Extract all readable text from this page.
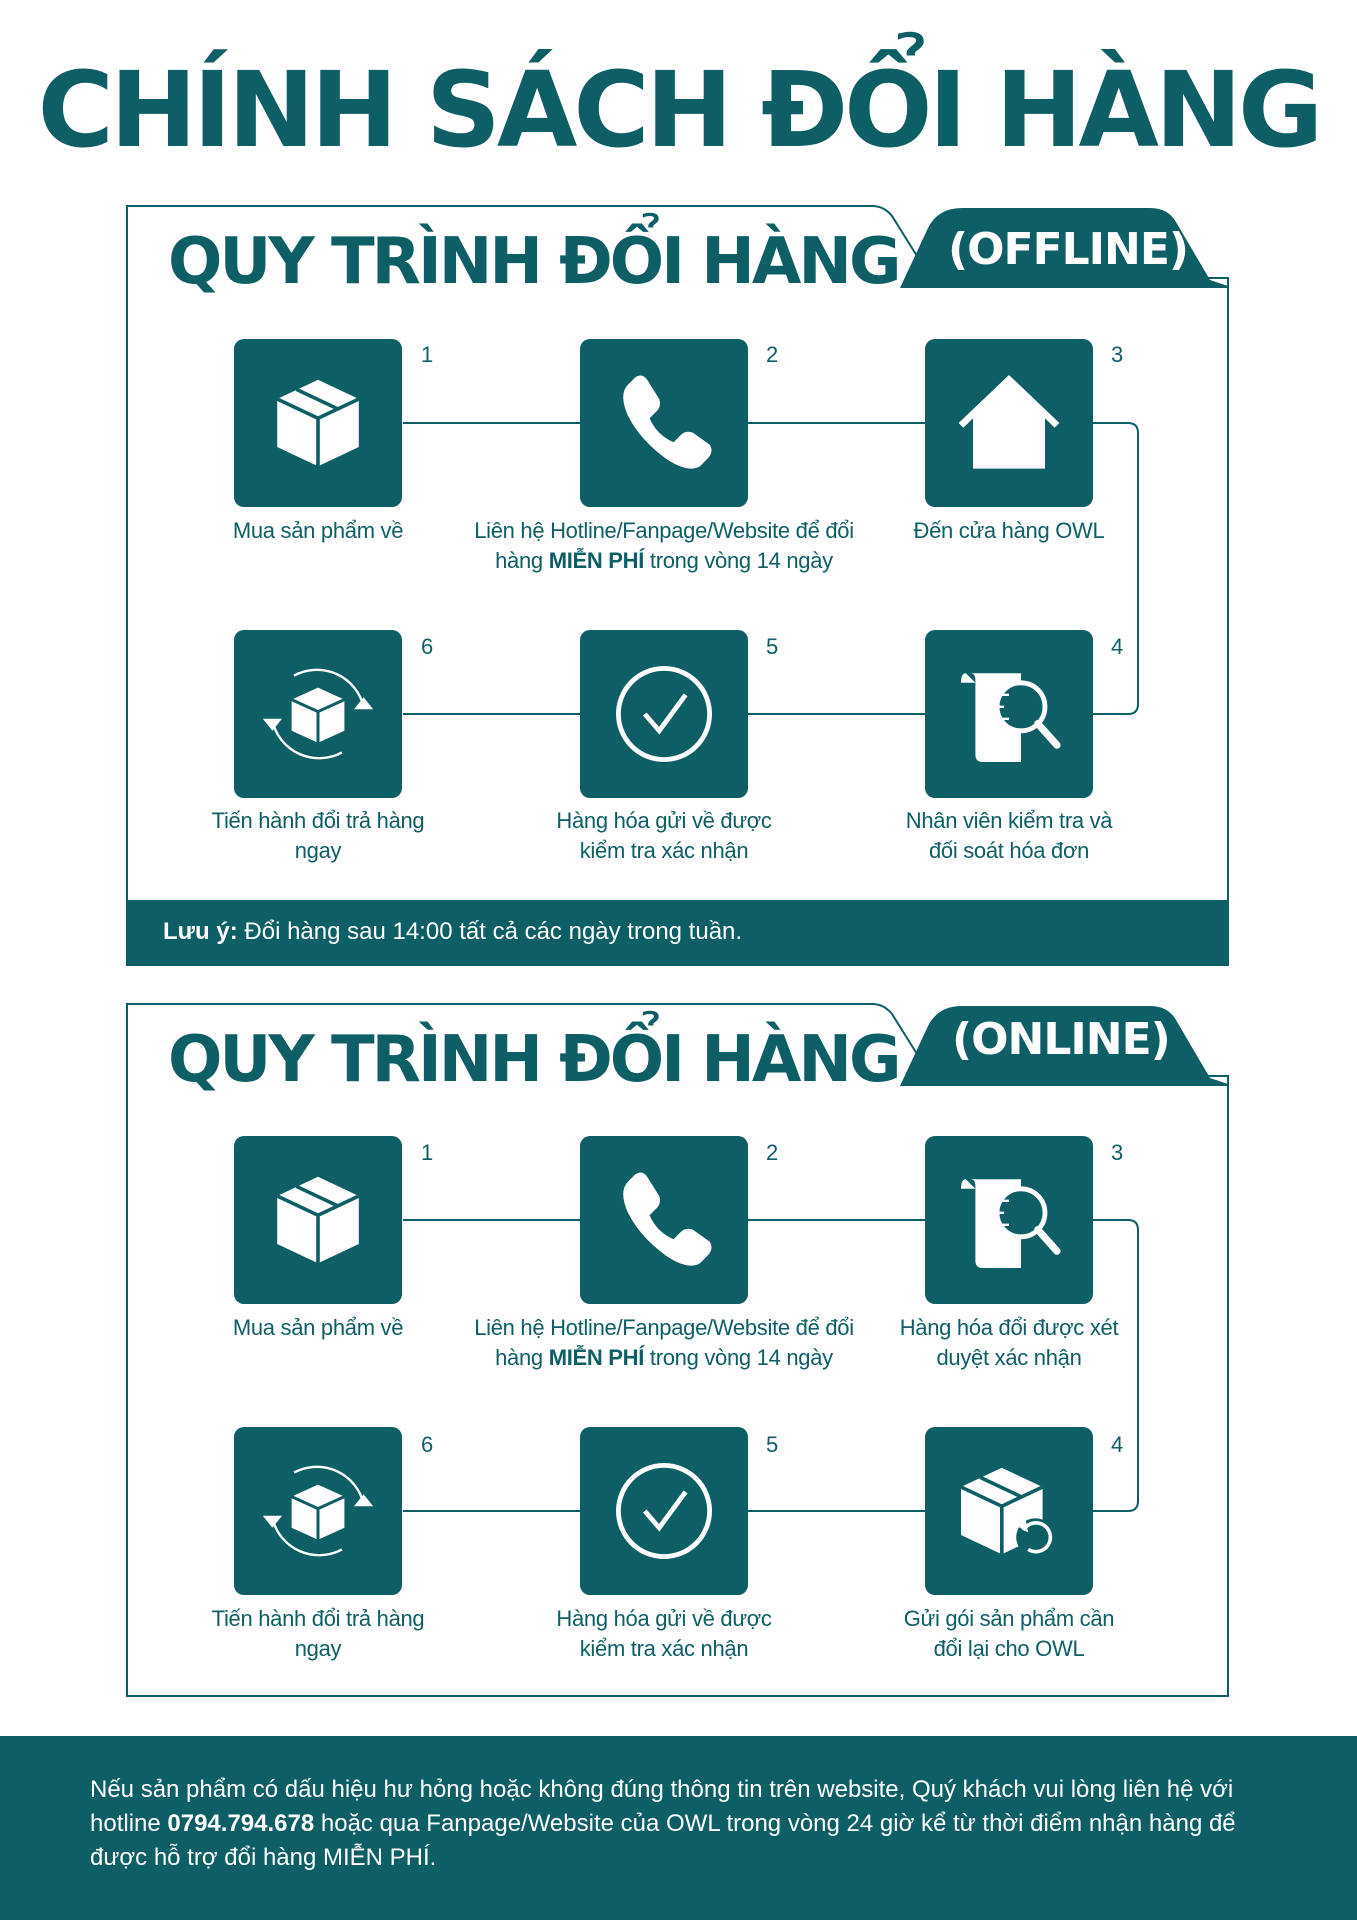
CHÍNH SÁCH ĐỔI HÀNG
QUY TRÌNH ĐỔI HÀNG (OFFLINE)
1
Mua sản phẩm về
2
Liên hệ Hotline/Fanpage/Website để đổi hàng MIỄN PHÍ trong vòng 14 ngày
3
Đến cửa hàng OWL
4
Nhân viên kiểm tra và đối soát hóa đơn
5
Hàng hóa gửi về được kiểm tra xác nhận
6
Tiến hành đổi trả hàng ngay
Lưu ý: Đổi hàng sau 14:00 tất cả các ngày trong tuần.
QUY TRÌNH ĐỔI HÀNG (ONLINE)
1
Mua sản phẩm về
2
Liên hệ Hotline/Fanpage/Website để đổi hàng MIỄN PHÍ trong vòng 14 ngày
3
Hàng hóa đổi được xét duyệt xác nhận
4
Gửi gói sản phẩm cần đổi lại cho OWL
5
Hàng hóa gửi về được kiểm tra xác nhận
6
Tiến hành đổi trả hàng ngay
Nếu sản phẩm có dấu hiệu hư hỏng hoặc không đúng thông tin trên website, Quý khách vui lòng liên hệ với hotline 0794.794.678 hoặc qua Fanpage/Website của OWL trong vòng 24 giờ kể từ thời điểm nhận hàng để được hỗ trợ đổi hàng MIỄN PHÍ.
